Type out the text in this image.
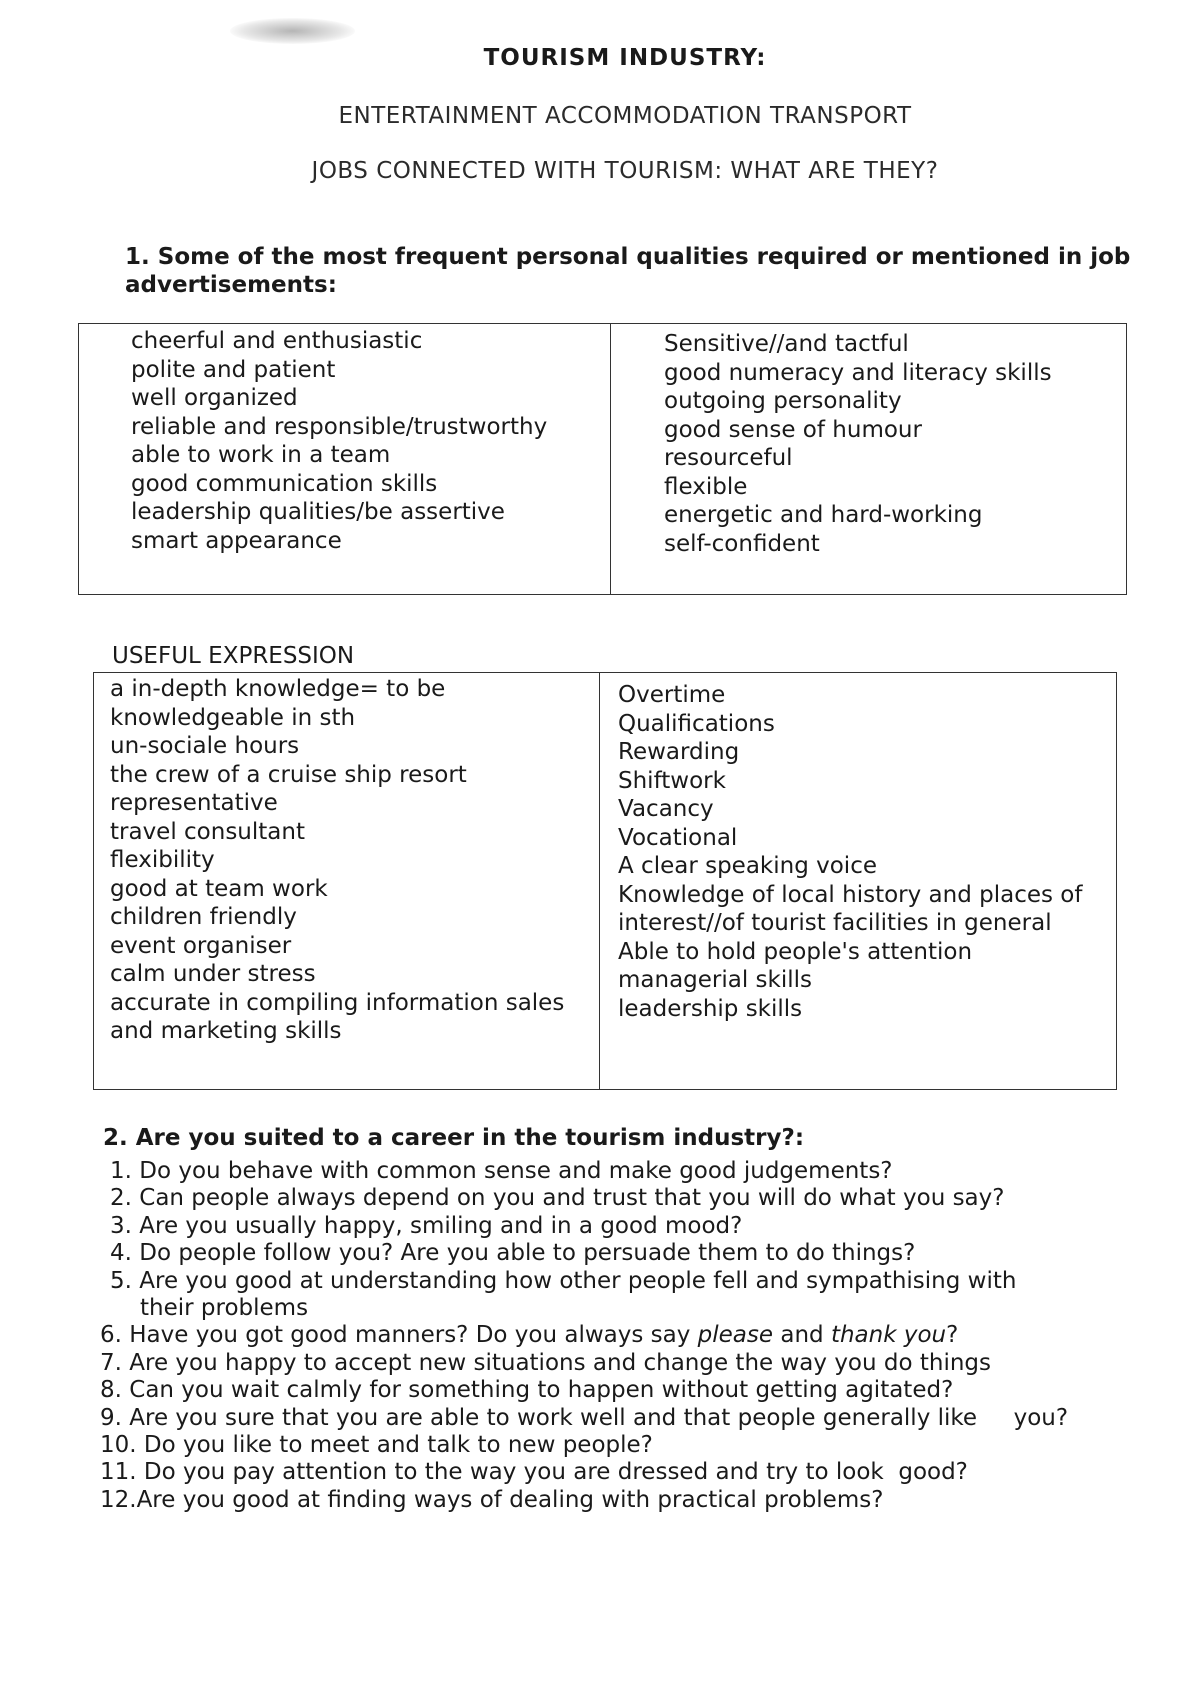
TOURISM INDUSTRY:
ENTERTAINMENT ACCOMMODATION TRANSPORT
JOBS CONNECTED WITH TOURISM: WHAT ARE THEY?
1. Some of the most frequent personal qualities required or mentioned in job advertisements:
cheerful and enthusiastic
polite and patient
well organized
reliable and responsible/trustworthy
able to work in a team
good communication skills
leadership qualities/be assertive
smart appearance
Sensitive//and tactful
good numeracy and literacy skills
outgoing personality
good sense of humour
resourceful
flexible
energetic and hard-working
self-confident
USEFUL EXPRESSION
a in-depth knowledge= to be
knowledgeable in sth
un-sociale hours
the crew of a cruise ship resort
representative
travel consultant
flexibility
good at team work
children friendly
event organiser
calm under stress
accurate in compiling information sales
and marketing skills
Overtime
Qualifications
Rewarding
Shiftwork
Vacancy
Vocational
A clear speaking voice
Knowledge of local history and places of
interest//of tourist facilities in general
Able to hold people's attention
managerial skills
leadership skills
2. Are you suited to a career in the tourism industry?:
1. Do you behave with common sense and make good judgements?
2. Can people always depend on you and trust that you will do what you say?
3. Are you usually happy, smiling and in a good mood?
4. Do people follow you? Are you able to persuade them to do things?
5. Are you good at understanding how other people fell and sympathising with
their problems
6. Have you got good manners? Do you always say please and thank you?
7. Are you happy to accept new situations and change the way you do things
8. Can you wait calmly for something to happen without getting agitated?
9. Are you sure that you are able to work well and that people generally like     you?
10. Do you like to meet and talk to new people?
11. Do you pay attention to the way you are dressed and try to look  good?
12.Are you good at finding ways of dealing with practical problems?
